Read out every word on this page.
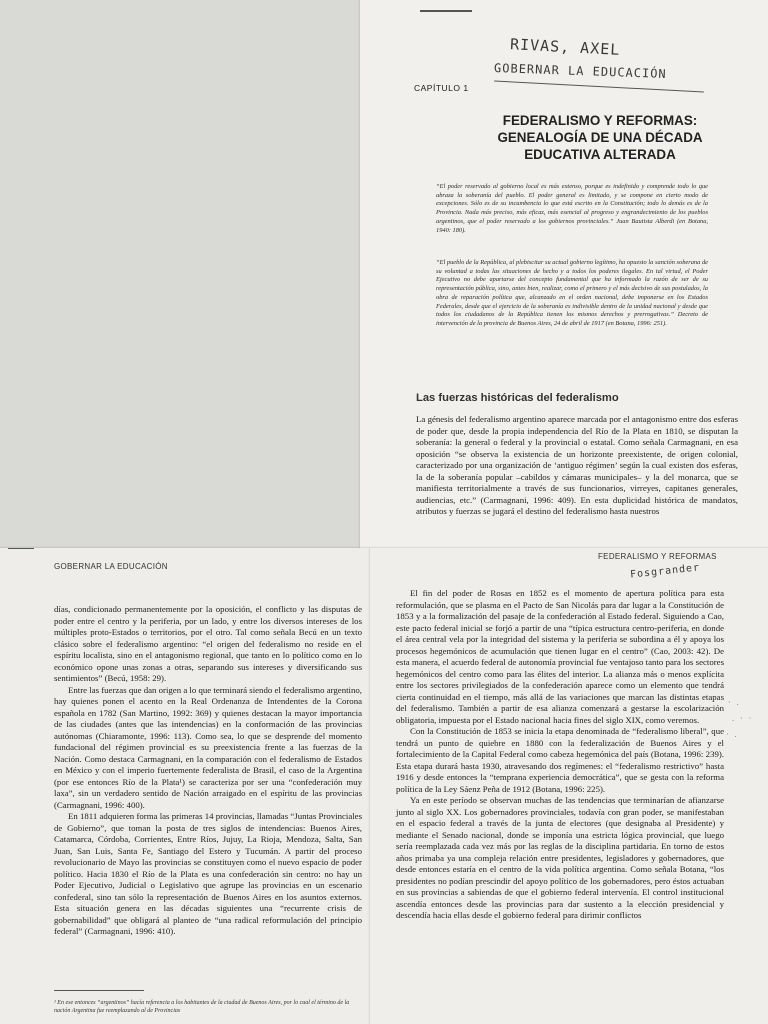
RIVAS, AXEL
GOBERNAR LA EDUCACIÓN
CAPÍTULO 1
FEDERALISMO Y REFORMAS:
GENEALOGÍA DE UNA DÉCADA
EDUCATIVA ALTERADA
“El poder reservado al gobierno local es más extenso, porque es indefinido y comprende todo lo que abraza la soberanía del pueblo. El poder general es limitado, y se compone en cierto modo de excepciones. Sólo es de su incumbencia lo que está escrito en la Constitución; todo lo demás es de la Provincia. Nada más preciso, más eficaz, más esencial al progreso y engrandecimiento de los pueblos argentinos, que el poder reservado a los gobiernos provinciales.” Juan Bautista Alberdi (en Botana, 1940: 180).
“El pueblo de la República, al plebiscitar su actual gobierno legítimo, ha opuesto la sanción soberana de su voluntad a todas las situaciones de hecho y a todos los poderes ilegales. En tal virtud, el Poder Ejecutivo no debe apartarse del concepto fundamental que ha informado la razón de ser de su representación pública, sino, antes bien, realizar, como el primero y el más decisivo de sus postulados, la obra de reparación política que, alcanzado en el orden nacional, debe imponerse en los Estados Federales, desde que el ejercicio de la soberanía es indivisible dentro de la unidad nacional y desde que todos los ciudadanos de la República tienen los mismos derechos y prerrogativas.” Decreto de intervención de la provincia de Buenos Aires, 24 de abril de 1917 (en Botana, 1996: 251).
Las fuerzas históricas del federalismo

La génesis del federalismo argentino aparece marcada por el antagonismo entre dos esferas de poder que, desde la propia independencia del Río de la Plata en 1810, se disputan la soberanía: la general o federal y la provincial o estatal. Como señala Carmagnani, en esa oposición “se observa la existencia de un horizonte preexistente, de origen colonial, caracterizado por una organización de ‘antiguo régimen’ según la cual existen dos esferas, la de la soberanía popular –cabildos y cámaras municipales– y la del monarca, que se manifiesta territorialmente a través de sus funcionarios, virreyes, capitanes generales, audiencias, etc.” (Carmagnani, 1996: 409). En esta duplicidad histórica de mandatos, atributos y fuerzas se jugará el destino del federalismo hasta nuestros

GOBERNAR LA EDUCACIÓN

días, condicionado permanentemente por la oposición, el conflicto y las disputas de poder entre el centro y la periferia, por un lado, y entre los diversos intereses de los múltiples proto-Estados o territorios, por el otro. Tal como señala Becú en un texto clásico sobre el federalismo argentino: “el origen del federalismo no reside en el espíritu localista, sino en el antagonismo regional, que tanto en lo político como en lo económico opone unas zonas a otras, separando sus intereses y diversificando sus sentimientos” (Becú, 1958: 29).

Entre las fuerzas que dan origen a lo que terminará siendo el federalismo argentino, hay quienes ponen el acento en la Real Ordenanza de Intendentes de la Corona española en 1782 (San Martino, 1992: 369) y quienes destacan la mayor importancia de las ciudades (antes que las intendencias) en la conformación de las provincias autónomas (Chiaramonte, 1996: 113). Como sea, lo que se desprende del momento fundacional del régimen provincial es su preexistencia frente a las fuerzas de la Nación. Como destaca Carmagnani, en la comparación con el federalismo de Estados en México y con el imperio fuertemente federalista de Brasil, el caso de la Argentina (por ese entonces Río de la Plata¹) se caracteriza por ser una “confederación muy laxa”, sin un verdadero sentido de Nación arraigado en el espíritu de las provincias (Carmagnani, 1996: 400).

En 1811 adquieren forma las primeras 14 provincias, llamadas “Juntas Provinciales de Gobierno”, que toman la posta de tres siglos de intendencias: Buenos Aires, Catamarca, Córdoba, Corrientes, Entre Ríos, Jujuy, La Rioja, Mendoza, Salta, San Juan, San Luis, Santa Fe, Santiago del Estero y Tucumán. A partir del proceso revolucionario de Mayo las provincias se constituyen como el nuevo espacio de poder político. Hacia 1830 el Río de la Plata es una confederación sin centro: no hay un Poder Ejecutivo, Judicial o Legislativo que agrupe las provincias en un escenario confederal, sino tan sólo la representación de Buenos Aires en los asuntos externos. Esta situación genera en las décadas siguientes una “recurrente crisis de gobernabilidad” que obligará al planteo de “una radical reformulación del principio federal” (Carmagnani, 1996: 410).

¹ En ese entonces “argentinos” hacía referencia a los habitantes de la ciudad de Buenos Aires, por lo cual el término de la nación Argentina fue reemplazando al de Provincias
FEDERALISMO Y REFORMAS
Fosgrander

El fin del poder de Rosas en 1852 es el momento de apertura política para esta reformulación, que se plasma en el Pacto de San Nicolás para dar lugar a la Constitución de 1853 y a la formalización del pasaje de la confederación al Estado federal. Siguiendo a Cao, este pacto federal inicial se forjó a partir de una “típica estructura centro-periferia, en donde el área central vela por la integridad del sistema y la periferia se subordina a él y apoya los procesos hegemónicos de acumulación que tienen lugar en el centro” (Cao, 2003: 42). De esta manera, el acuerdo federal de autonomía provincial fue ventajoso tanto para los sectores hegemónicos del centro como para las élites del interior. La alianza más o menos explícita entre los sectores privilegiados de la confederación aparece como un elemento que tendrá cierta continuidad en el tiempo, más allá de las variaciones que marcan las distintas etapas del federalismo. También a partir de esa alianza comenzará a gestarse la escolarización obligatoria, impuesta por el Estado nacional hacia fines del siglo XIX, como veremos.

Con la Constitución de 1853 se inicia la etapa denominada de “federalismo liberal”, que tendrá un punto de quiebre en 1880 con la federalización de Buenos Aires y el fortalecimiento de la Capital Federal como cabeza hegemónica del país (Botana, 1996: 239). Esta etapa durará hasta 1930, atravesando dos regímenes: el “federalismo restrictivo” hasta 1916 y desde entonces la “temprana experiencia democrática”, que se gesta con la reforma política de la Ley Sáenz Peña de 1912 (Botana, 1996: 225).

Ya en este período se observan muchas de las tendencias que terminarían de afianzarse junto al siglo XX. Los gobernadores provinciales, todavía con gran poder, se manifestaban en el espacio federal a través de la junta de electores (que designaba al Presidente) y mediante el Senado nacional, donde se imponía una estricta lógica provincial, que luego sería reemplazada cada vez más por las reglas de la disciplina partidaria. En torno de estos años primaba ya una compleja relación entre presidentes, legisladores y gobernadores, que desde entonces estaría en el centro de la vida política argentina. Como señala Botana, “los presidentes no podían prescindir del apoyo político de los gobernadores, pero éstos actuaban en sus provincias a sabiendas de que el gobierno federal intervenía. El control institucional ascendía entonces desde las provincias para dar sustento a la elección presidencial y descendía hacia ellas desde el gobierno federal para dirimir conflictos

· .
. · ·
· .
